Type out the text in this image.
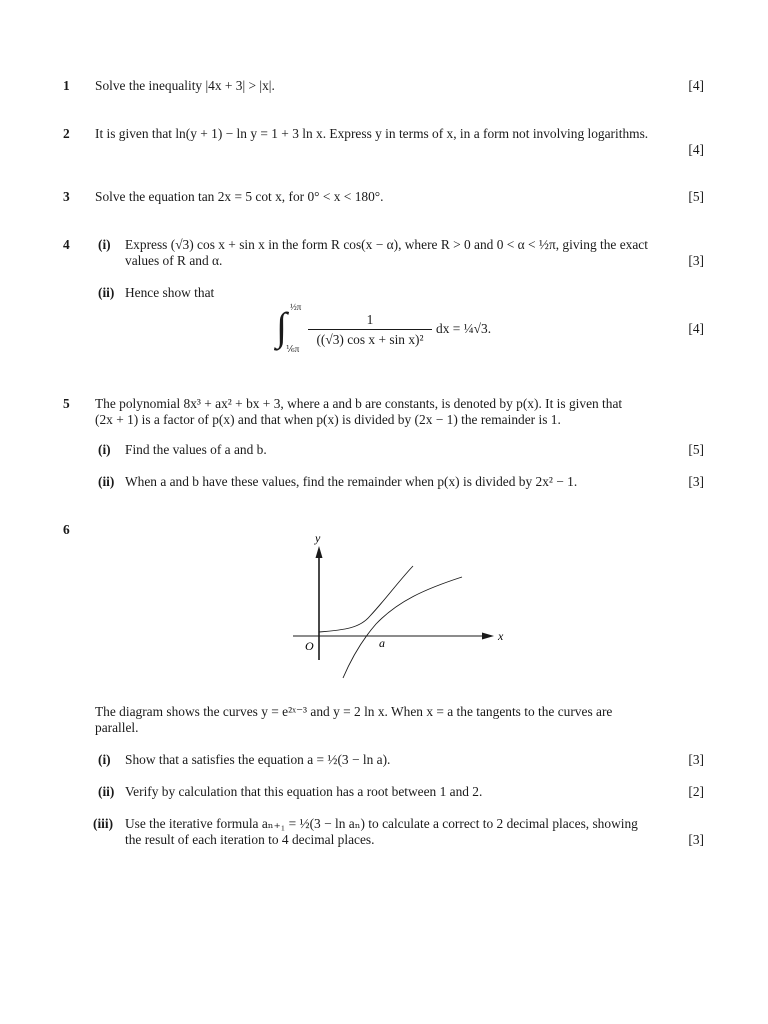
1 Solve the inequality |4x + 3| > |x|.	[4]
2 It is given that ln(y + 1) − ln y = 1 + 3 ln x. Express y in terms of x, in a form not involving logarithms.
[4]
3 Solve the equation tan 2x = 5 cot x, for 0° < x < 180°.	[5]
4 (i) Express (√3) cos x + sin x in the form R cos(x − α), where R > 0 and 0 < α < ½π, giving the exact
values of R and α.	[3]
(ii) Hence show that
[4]
∫ ½π
⅙π
1
((√3) cos x + sin x)²
dx = ¼√3.
5 The polynomial 8x³ + ax² + bx + 3, where a and b are constants, is denoted by p(x). It is given that
(2x + 1) is a factor of p(x) and that when p(x) is divided by (2x − 1) the remainder is 1.
(i) Find the values of a and b.	[5]
(ii) When a and b have these values, find the remainder when p(x) is divided by 2x² − 1.	[3]
6
y
x
O	a
The diagram shows the curves y = e²ˣ⁻³ and y = 2 ln x. When x = a the tangents to the curves are
parallel.
(i) Show that a satisfies the equation a = ½(3 − ln a).	[3]
(ii) Verify by calculation that this equation has a root between 1 and 2.	[2]
(iii) Use the iterative formula aₙ₊₁ = ½(3 − ln aₙ) to calculate a correct to 2 decimal places, showing
the result of each iteration to 4 decimal places.	[3]
